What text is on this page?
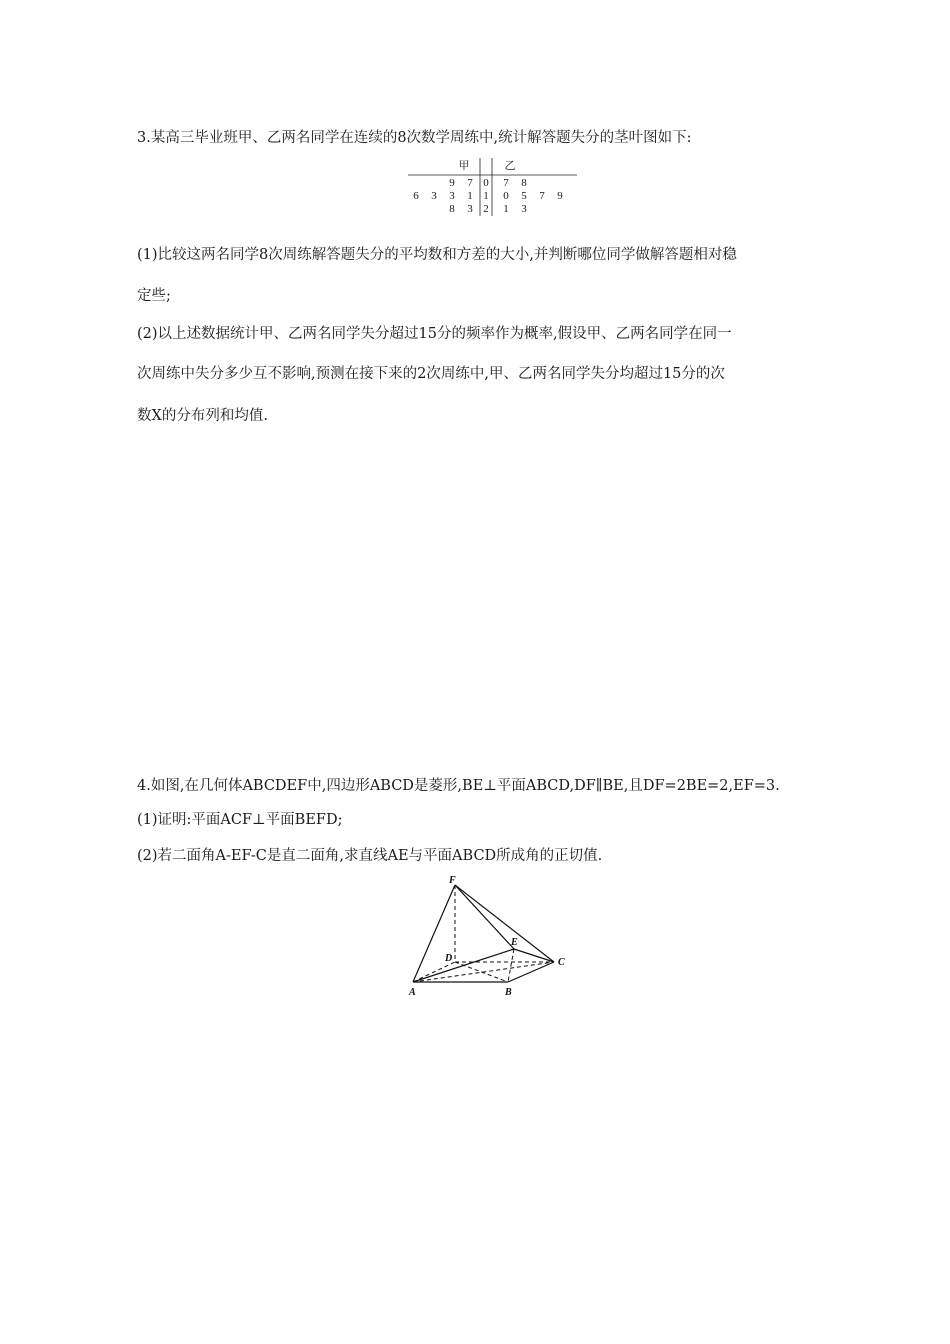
3.某高三毕业班甲、乙两名同学在连续的8次数学周练中,统计解答题失分的茎叶图如下:
甲	乙
9	7 0	7	8
6	3	3	1 1	0	5	7	9
8	3 2	1	3
(1)比较这两名同学8次周练解答题失分的平均数和方差的大小,并判断哪位同学做解答题相对稳
定些;
(2)以上述数据统计甲、乙两名同学失分超过15分的频率作为概率,假设甲、乙两名同学在同一
次周练中失分多少互不影响,预测在接下来的2次周练中,甲、乙两名同学失分均超过15分的次
数X的分布列和均值.
4.如图,在几何体ABCDEF中,四边形ABCD是菱形,BE⊥平面ABCD,DF∥BE,且DF=2BE=2,EF=3.
(1)证明:平面ACF⊥平面BEFD;
(2)若二面角A-EF-C是直二面角,求直线AE与平面ABCD所成角的正切值.
F
E
D	C
A	B
